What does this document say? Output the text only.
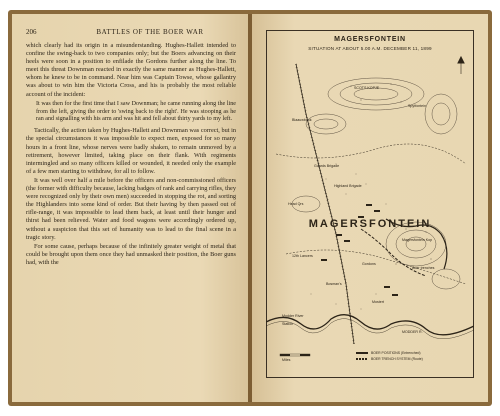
206	BATTLES OF THE BOER WAR

which clearly had its origin in a misunderstanding. Hughes-Hallett intended to confine the swing-back to two companies only; but the Boers advancing on their heels were soon in a position to enfilade the Gordons further along the line. To meet this threat Downman reacted in exactly the same manner as Hughes-Hallett, whom he knew to be in command. Near him was Captain Towse, whose gallantry was about to win him the Victoria Cross, and his is probably the most reliable account of the incident:

It was then for the first time that I saw Downman; he came running along the line from the left, giving the order to 'swing back to the right'. He was stooping as he ran and signalling with his arm and was hit and fell about thirty yards to my left.

Tactically, the action taken by Hughes-Hallett and Downman was correct, but in the special circumstances it was impossible to expect men, exposed for so many hours in a front line, whose nerves were badly shaken, to remain unmoved by a retirement, however limited, taking place on their flank. With regiments intermingled and so many officers killed or wounded, it needed only the example of a few men starting to withdraw, for all to follow.

It was well over half a mile before the officers and non-commissioned officers (the former with difficulty because, lacking badges of rank and carrying rifles, they were recognized only by their own men) succeeded in stopping the rot, and sorting the Highlanders into some kind of order. But their having by then passed out of rifle-range, it was impossible to lead them back, at least until their hunger and thirst had been relieved. Water and food wagons were accordingly ordered up, without a suspicion that this set of humanity was to lead to the final scene in a tragic story.

For some cause, perhaps because of the infinitely greater weight of metal that could be brought upon them once they had unmasked their position, the Boer guns had, with the

MAGERSFONTEIN
SITUATION AT ABOUT 5.00 A.M. DECEMBER 11, 1899
SCOTS KOPJE
Blaauwbank
Spytfontein
Guards Brigade
Highland Brigade
Head Qrs
Magersfontein Kop
Boer trenches
12th Lancers
Gordons
Mostert
Bosman's
Modder River
Station
MODDER R.
Miles
MAGERSFONTEIN
BOER POSITIONS (Entrenched)
BOER TRENCH SYSTEM (Route)
